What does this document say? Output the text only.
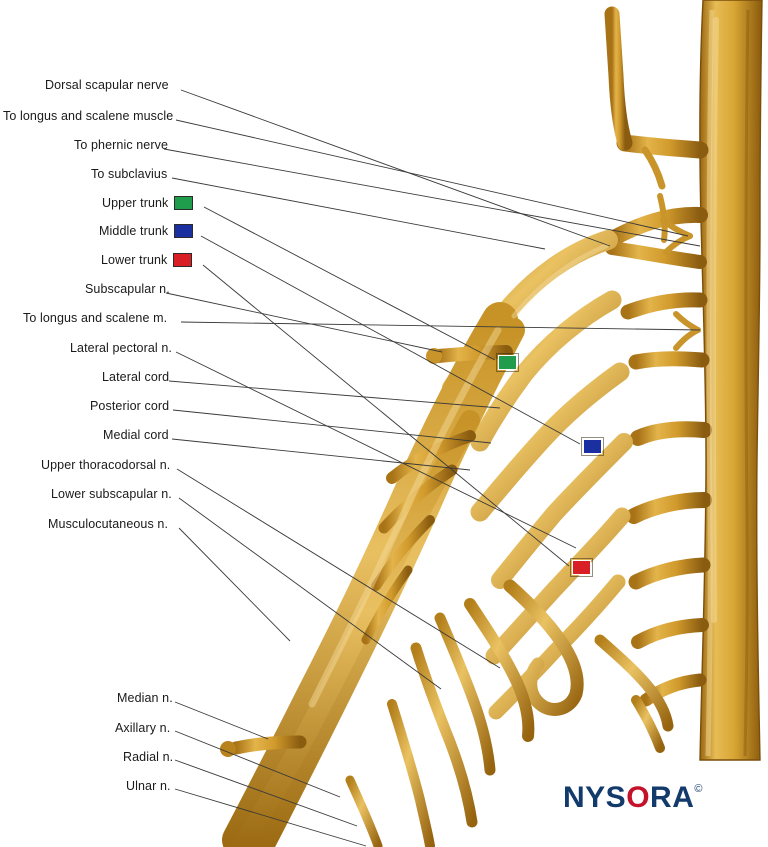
Dorsal scapular nerve
To longus and scalene muscle
To phernic nerve
To subclavius
Upper trunk
Middle trunk
Lower trunk
Subscapular n.
To longus and scalene m.
Lateral pectoral n.
Lateral cord
Posterior cord
Medial cord
Upper thoracodorsal n.
Lower subscapular n.
Musculocutaneous n.
Median n.
Axillary n.
Radial n.
Ulnar n.	NYSORA©
